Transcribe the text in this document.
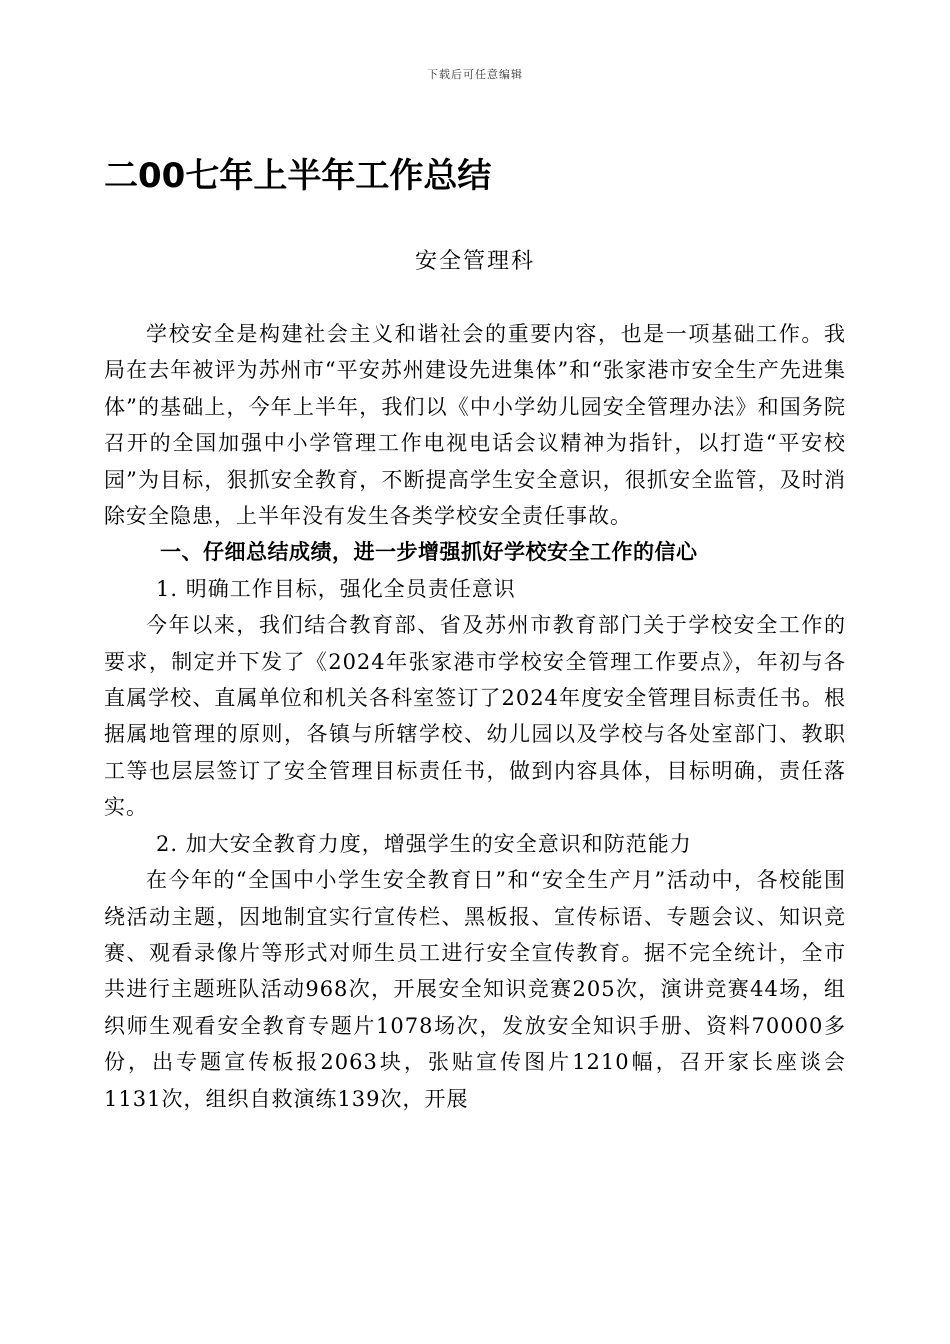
下载后可任意编辑
二00七年上半年工作总结
安全管理科

学校安全是构建社会主义和谐社会的重要内容，也是一项基础工作。我局在去年被评为苏州市“平安苏州建设先进集体”和“张家港市安全生产先进集体”的基础上，今年上半年，我们以《中小学幼儿园安全管理办法》和国务院召开的全国加强中小学管理工作电视电话会议精神为指针，以打造“平安校园”为目标，狠抓安全教育，不断提高学生安全意识，很抓安全监管，及时消除安全隐患，上半年没有发生各类学校安全责任事故。

一、仔细总结成绩，进一步增强抓好学校安全工作的信心

1. 明确工作目标，强化全员责任意识

今年以来，我们结合教育部、省及苏州市教育部门关于学校安全工作的要求，制定并下发了《2024年张家港市学校安全管理工作要点》，年初与各直属学校、直属单位和机关各科室签订了2024年度安全管理目标责任书。根据属地管理的原则，各镇与所辖学校、幼儿园以及学校与各处室部门、教职工等也层层签订了安全管理目标责任书，做到内容具体，目标明确，责任落实。

2. 加大安全教育力度，增强学生的安全意识和防范能力

在今年的“全国中小学生安全教育日”和“安全生产月”活动中，各校能围绕活动主题，因地制宜实行宣传栏、黑板报、宣传标语、专题会议、知识竞赛、观看录像片等形式对师生员工进行安全宣传教育。据不完全统计，全市共进行主题班队活动968次，开展安全知识竞赛205次，演讲竞赛44场，组织师生观看安全教育专题片1078场次，发放安全知识手册、资料70000多份，出专题宣传板报2063块，张贴宣传图片1210幅，召开家长座谈会1131次，组织自救演练139次，开展
